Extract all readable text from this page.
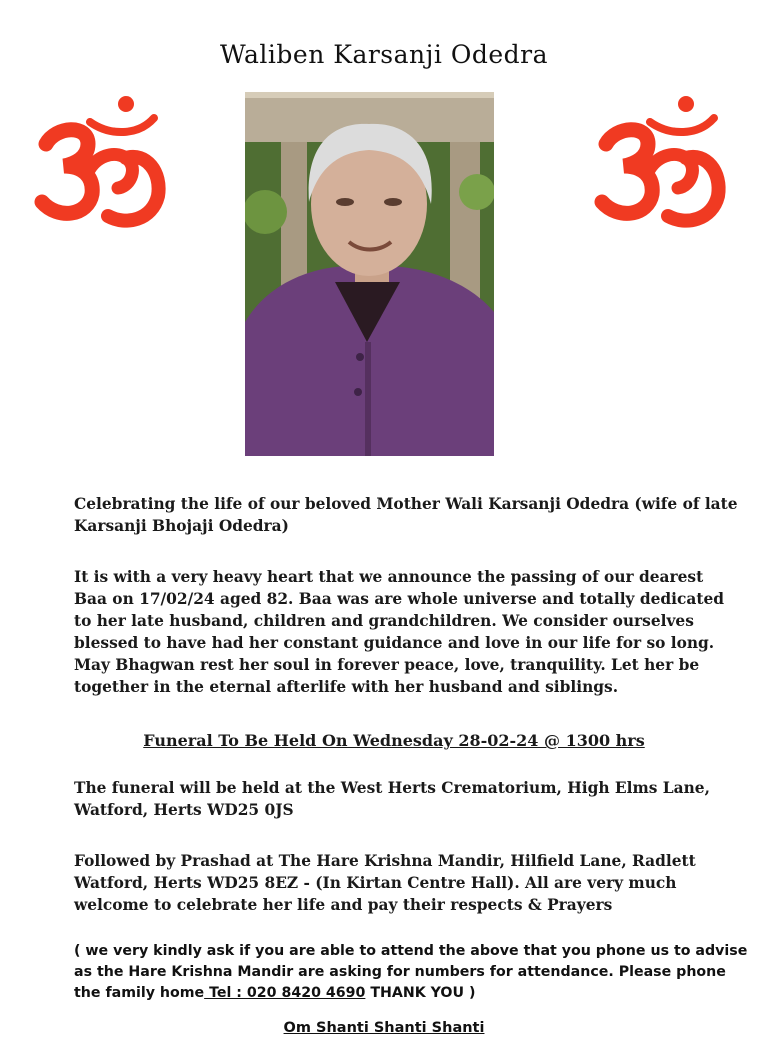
Waliben Karsanji Odedra
Celebrating the life of our beloved Mother Wali Karsanji Odedra (wife of late Karsanji Bhojaji Odedra)
It is with a very heavy heart that we announce the passing of our dearest Baa on 17/02/24 aged 82. Baa was are whole universe and totally dedicated to her late husband, children and grandchildren. We consider ourselves blessed to have had her constant guidance and love in our life for so long. May Bhagwan rest her soul in forever peace, love, tranquility. Let her be together in the eternal afterlife with her husband and siblings.
Funeral To Be Held On Wednesday 28-02-24 @ 1300 hrs
The funeral will be held at the West Herts Crematorium, High Elms Lane, Watford, Herts WD25 0JS
Followed by Prashad at The Hare Krishna Mandir, Hilfield Lane, Radlett Watford, Herts WD25 8EZ - (In Kirtan Centre Hall). All are very much welcome to celebrate her life and pay their respects & Prayers
( we very kindly ask if you are able to attend the above that you phone us to advise as the Hare Krishna Mandir are asking for numbers for attendance. Please phone the family home Tel : 020 8420 4690 THANK YOU )
Om Shanti Shanti Shanti
